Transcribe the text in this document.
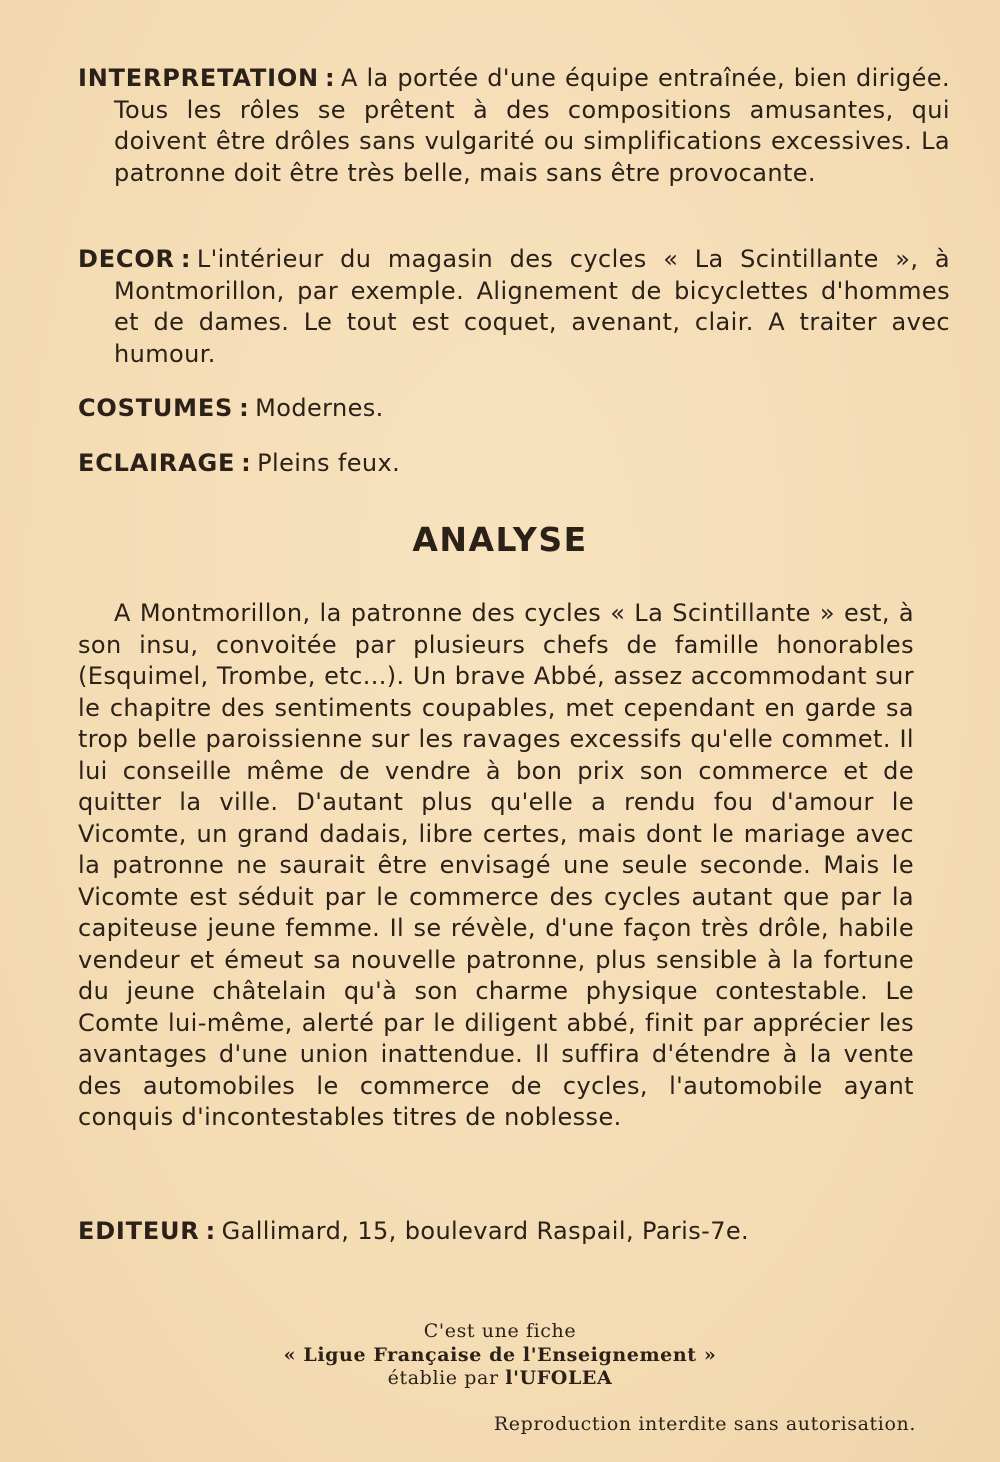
INTERPRETATION : A la portée d'une équipe entraînée, bien dirigée. Tous les rôles se prêtent à des compositions amusantes, qui doivent être drôles sans vulgarité ou simplifications excessives. La patronne doit être très belle, mais sans être provocante.
DECOR : L'intérieur du magasin des cycles « La Scintillante », à Montmorillon, par exemple. Alignement de bicyclettes d'hommes et de dames. Le tout est coquet, avenant, clair. A traiter avec humour.
COSTUMES : Modernes.
ECLAIRAGE : Pleins feux.
ANALYSE
A Montmorillon, la patronne des cycles « La Scintillante » est, à son insu, convoitée par plusieurs chefs de famille honorables (Esquimel, Trombe, etc...). Un brave Abbé, assez accommodant sur le chapitre des sentiments coupables, met cependant en garde sa trop belle paroissienne sur les ravages excessifs qu'elle commet. Il lui conseille même de vendre à bon prix son commerce et de quitter la ville. D'autant plus qu'elle a rendu fou d'amour le Vicomte, un grand dadais, libre certes, mais dont le mariage avec la patronne ne saurait être envisagé une seule seconde. Mais le Vicomte est séduit par le commerce des cycles autant que par la capiteuse jeune femme. Il se révèle, d'une façon très drôle, habile vendeur et émeut sa nouvelle patronne, plus sensible à la fortune du jeune châtelain qu'à son charme physique contestable. Le Comte lui-même, alerté par le diligent abbé, finit par apprécier les avantages d'une union inattendue. Il suffira d'étendre à la vente des automobiles le commerce de cycles, l'automobile ayant conquis d'incontestables titres de noblesse.
EDITEUR : Gallimard, 15, boulevard Raspail, Paris-7e.
C'est une fiche
« Ligue Française de l'Enseignement »
établie par l'UFOLEA
Reproduction interdite sans autorisation.
